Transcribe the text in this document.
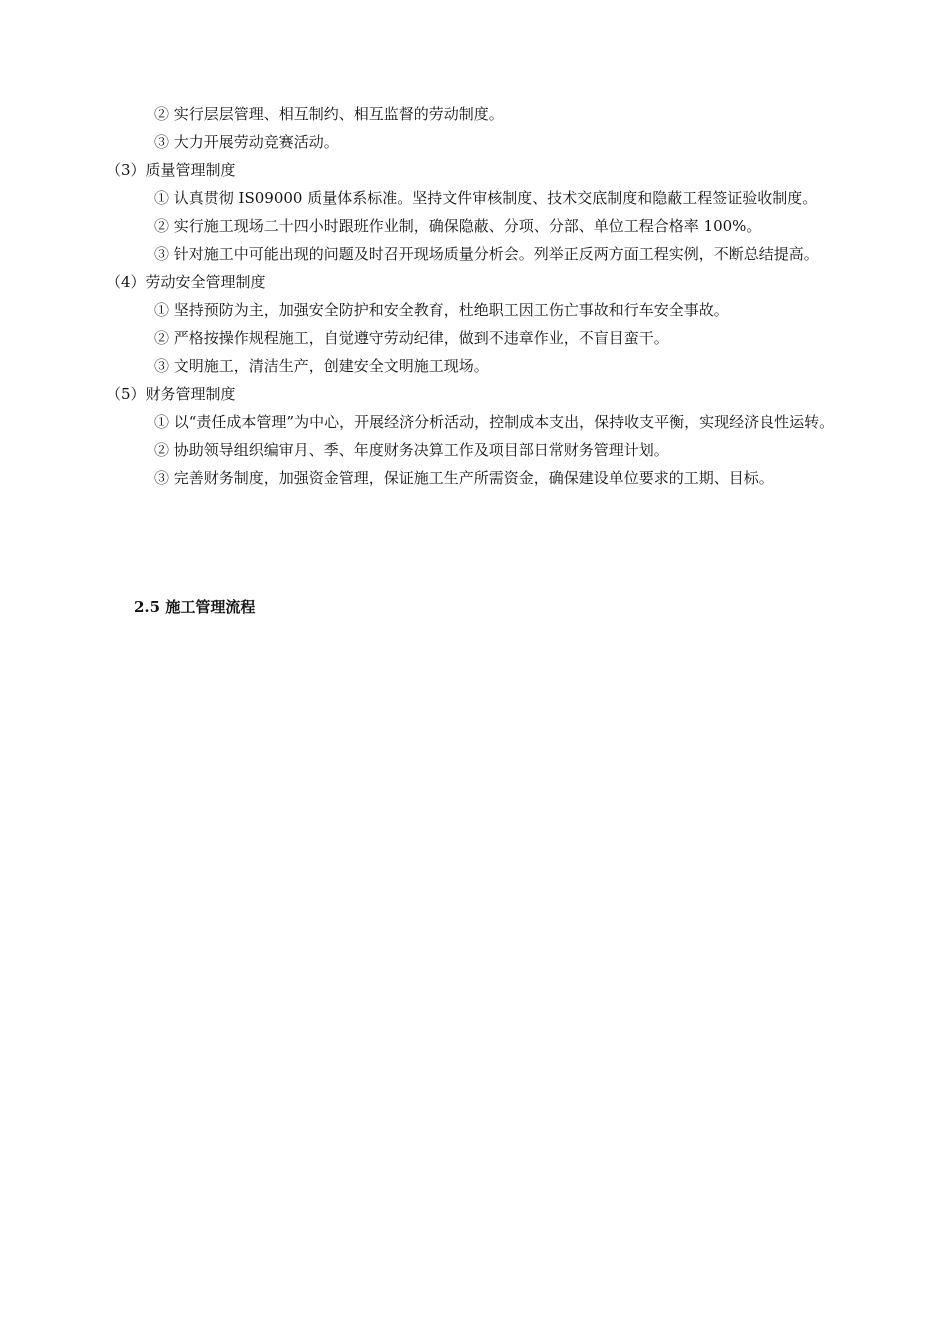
② 实行层层管理、相互制约、相互监督的劳动制度。

③ 大力开展劳动竞赛活动。

（3）质量管理制度

① 认真贯彻 IS09000 质量体系标准。坚持文件审核制度、技术交底制度和隐蔽工程签证验收制度。

② 实行施工现场二十四小时跟班作业制，确保隐蔽、分项、分部、单位工程合格率 100%。

③ 针对施工中可能出现的问题及时召开现场质量分析会。列举正反两方面工程实例，不断总结提高。

（4）劳动安全管理制度

① 坚持预防为主，加强安全防护和安全教育，杜绝职工因工伤亡事故和行车安全事故。

② 严格按操作规程施工，自觉遵守劳动纪律，做到不违章作业，不盲目蛮干。

③ 文明施工，清洁生产，创建安全文明施工现场。

（5）财务管理制度

① 以“责任成本管理”为中心，开展经济分析活动，控制成本支出，保持收支平衡，实现经济良性运转。

② 协助领导组织编审月、季、年度财务决算工作及项目部日常财务管理计划。

③ 完善财务制度，加强资金管理，保证施工生产所需资金，确保建设单位要求的工期、目标。

2.5 施工管理流程
